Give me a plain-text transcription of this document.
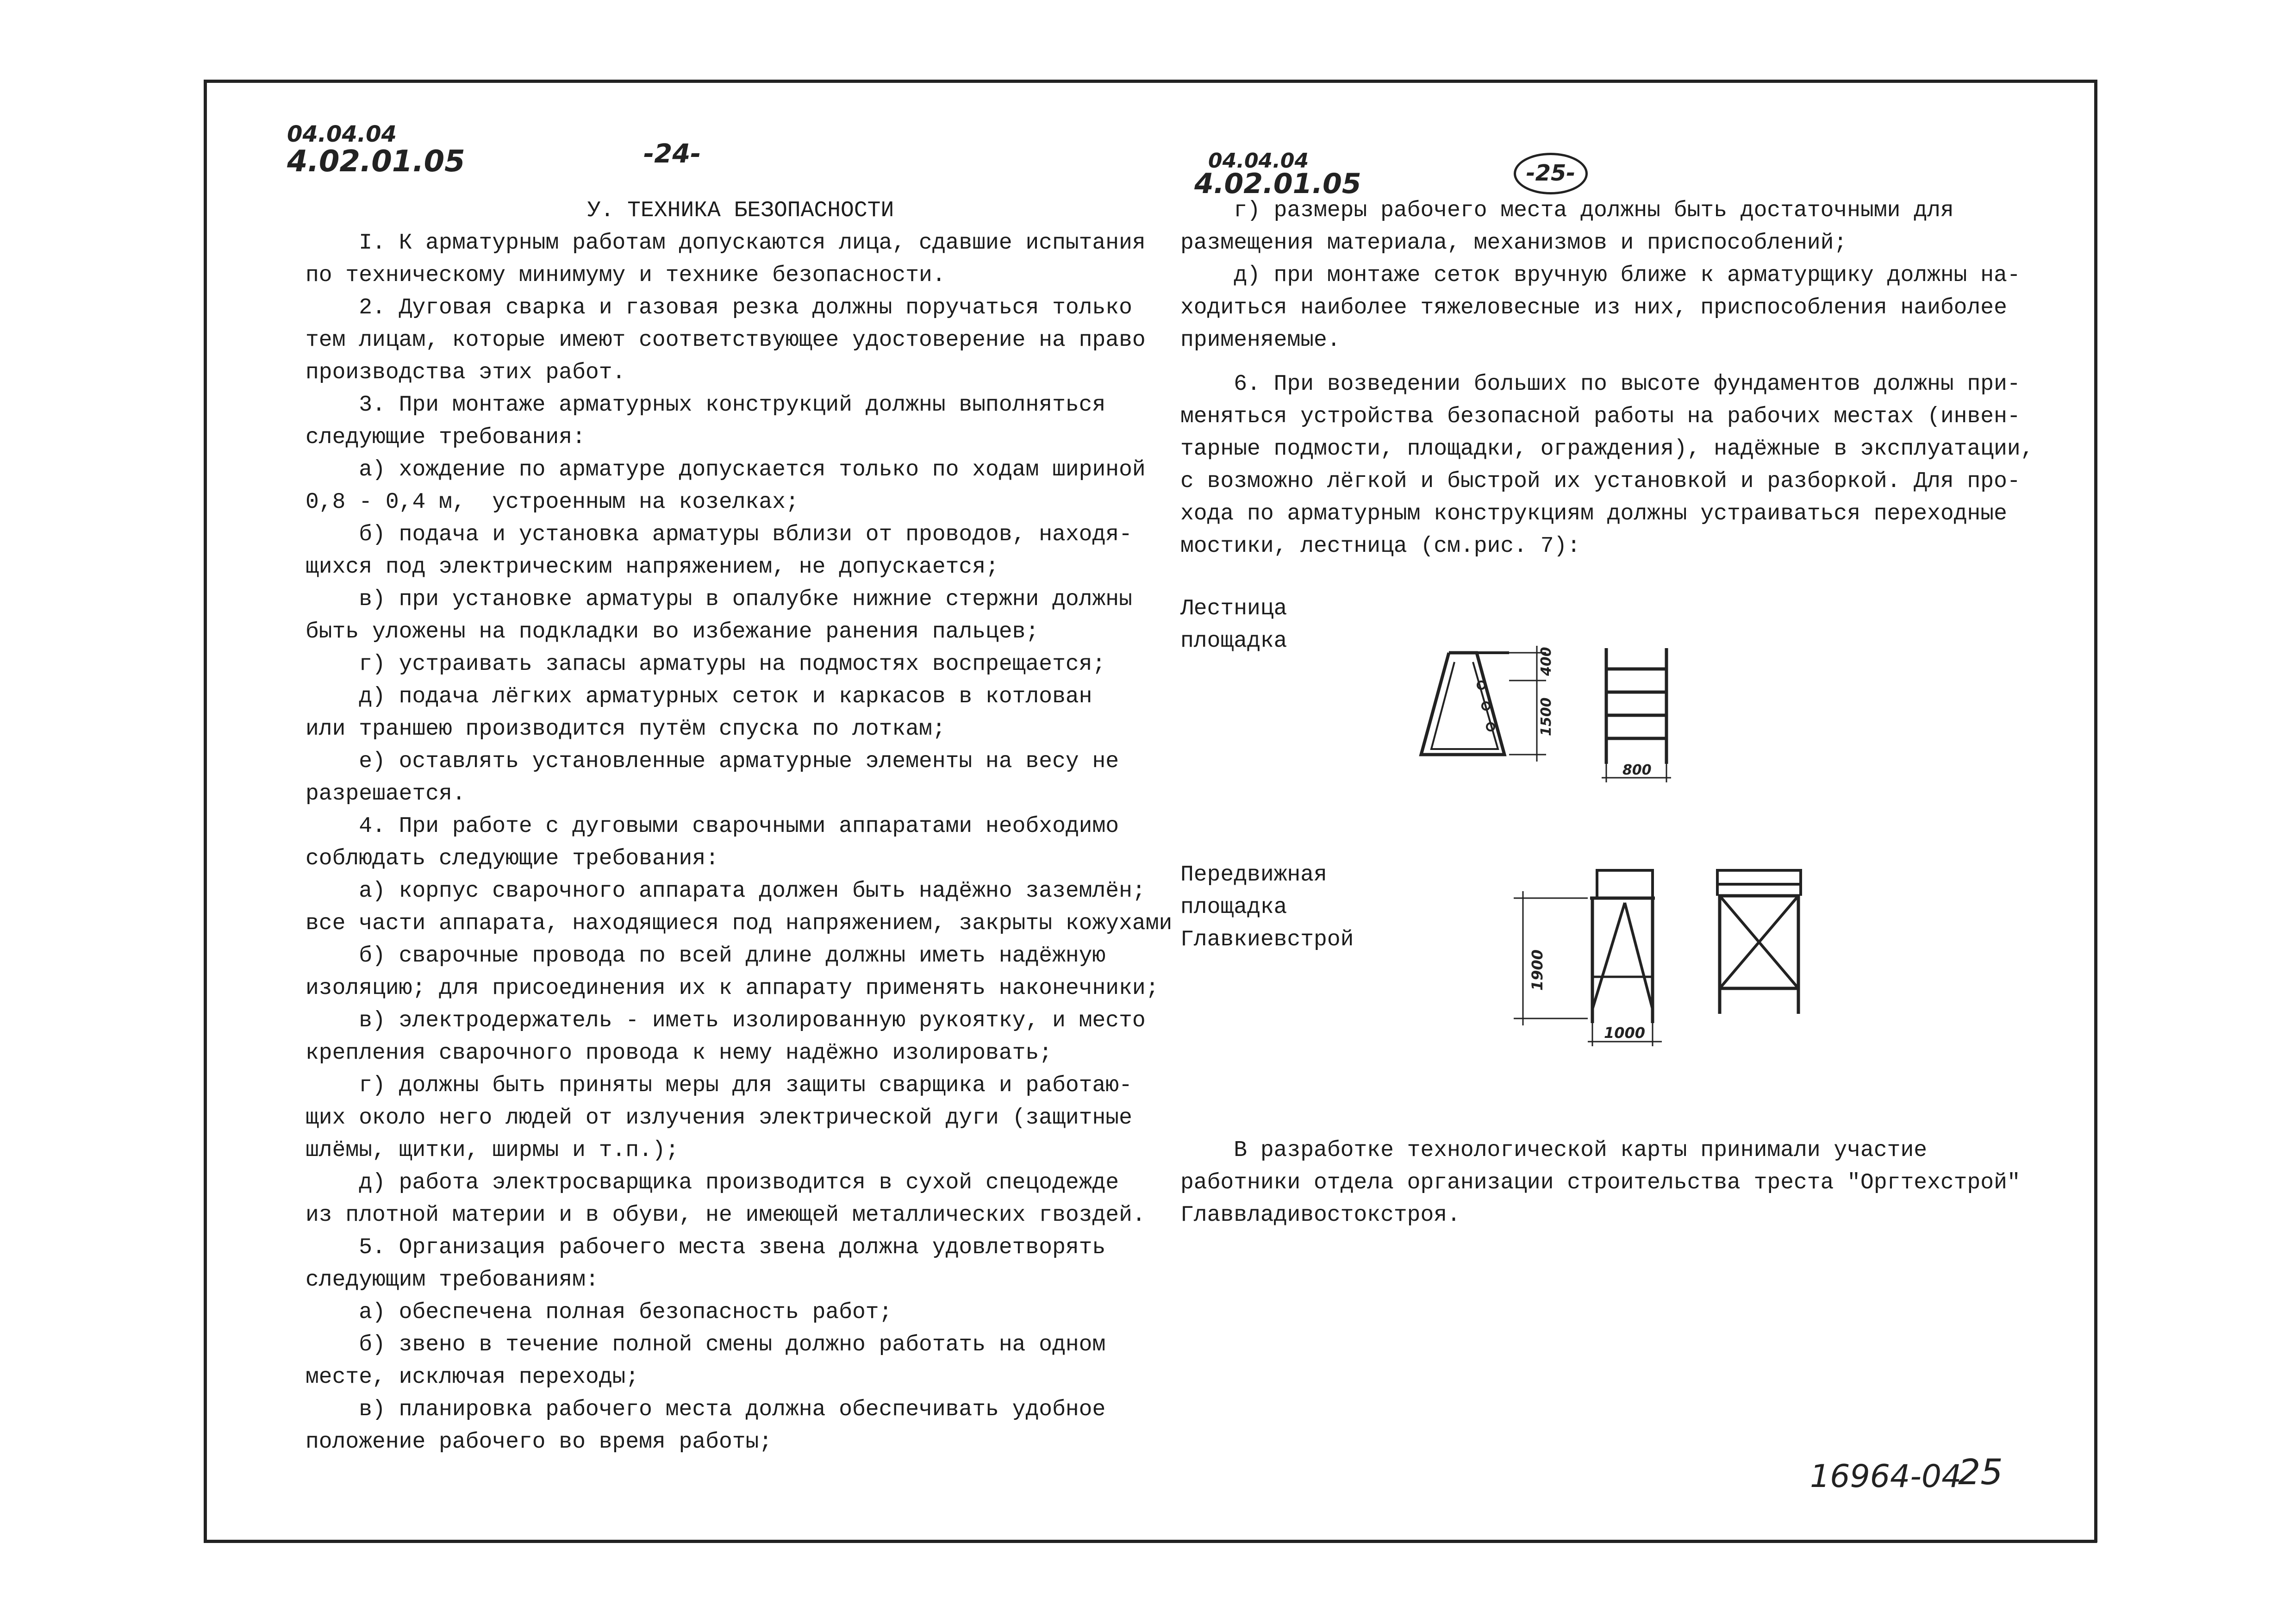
04.04.04
4.02.01.05	-24-	04.04.04
4.02.01.05	-25-

У. ТЕХНИКА БЕЗОПАСНОСТИ

I. К арматурным работам допускаются лица, сдавшие испытания

по техническому минимуму и технике безопасности.

2. Дуговая сварка и газовая резка должны поручаться только

тем лицам, которые имеют соответствующее удостоверение на право

производства этих работ.

3. При монтаже арматурных конструкций должны выполняться

следующие требования:

а) хождение по арматуре допускается только по ходам шириной

0,8 - 0,4 м,  устроенным на козелках;

б) подача и установка арматуры вблизи от проводов, находя-

щихся под электрическим напряжением, не допускается;

в) при установке арматуры в опалубке нижние стержни должны

быть уложены на подкладки во избежание ранения пальцев;

г) устраивать запасы арматуры на подмостях воспрещается;

д) подача лёгких арматурных сеток и каркасов в котлован

или траншею производится путём спуска по лоткам;

е) оставлять установленные арматурные элементы на весу не

разрешается.

4. При работе с дуговыми сварочными аппаратами необходимо

соблюдать следующие требования:

а) корпус сварочного аппарата должен быть надёжно заземлён;

все части аппарата, находящиеся под напряжением, закрыты кожухами

б) сварочные провода по всей длине должны иметь надёжную

изоляцию; для присоединения их к аппарату применять наконечники;

в) электродержатель - иметь изолированную рукоятку, и место

крепления сварочного провода к нему надёжно изолировать;

г) должны быть приняты меры для защиты сварщика и работаю-

щих около него людей от излучения электрической дуги (защитные

шлёмы, щитки, ширмы и т.п.);

д) работа электросварщика производится в сухой спецодежде

из плотной материи и в обуви, не имеющей металлических гвоздей.

5. Организация рабочего места звена должна удовлетворять

следующим требованиям:

а) обеспечена полная безопасность работ;

б) звено в течение полной смены должно работать на одном

месте, исключая переходы;

в) планировка рабочего места должна обеспечивать удобное

положение рабочего во время работы;

г) размеры рабочего места должны быть достаточными для

размещения материала, механизмов и приспособлений;

д) при монтаже сеток вручную ближе к арматурщику должны на-

ходиться наиболее тяжеловесные из них, приспособления наиболее

применяемые.

6. При возведении больших по высоте фундаментов должны при-

меняться устройства безопасной работы на рабочих местах (инвен-

тарные подмости, площадки, ограждения), надёжные в эксплуатации,

с возможно лёгкой и быстрой их установкой и разборкой. Для про-

хода по арматурным конструкциям должны устраиваться переходные

мостики, лестница (см.рис. 7):

Лестница
площадка
400
1500
800
Передвижная
площадка
Главкиевстрой
1900
1000

В разработке технологической карты принимали участие

работники отдела организации строительства треста "Оргтехстрой"

Главвладивостокстроя.

16964-04
25
